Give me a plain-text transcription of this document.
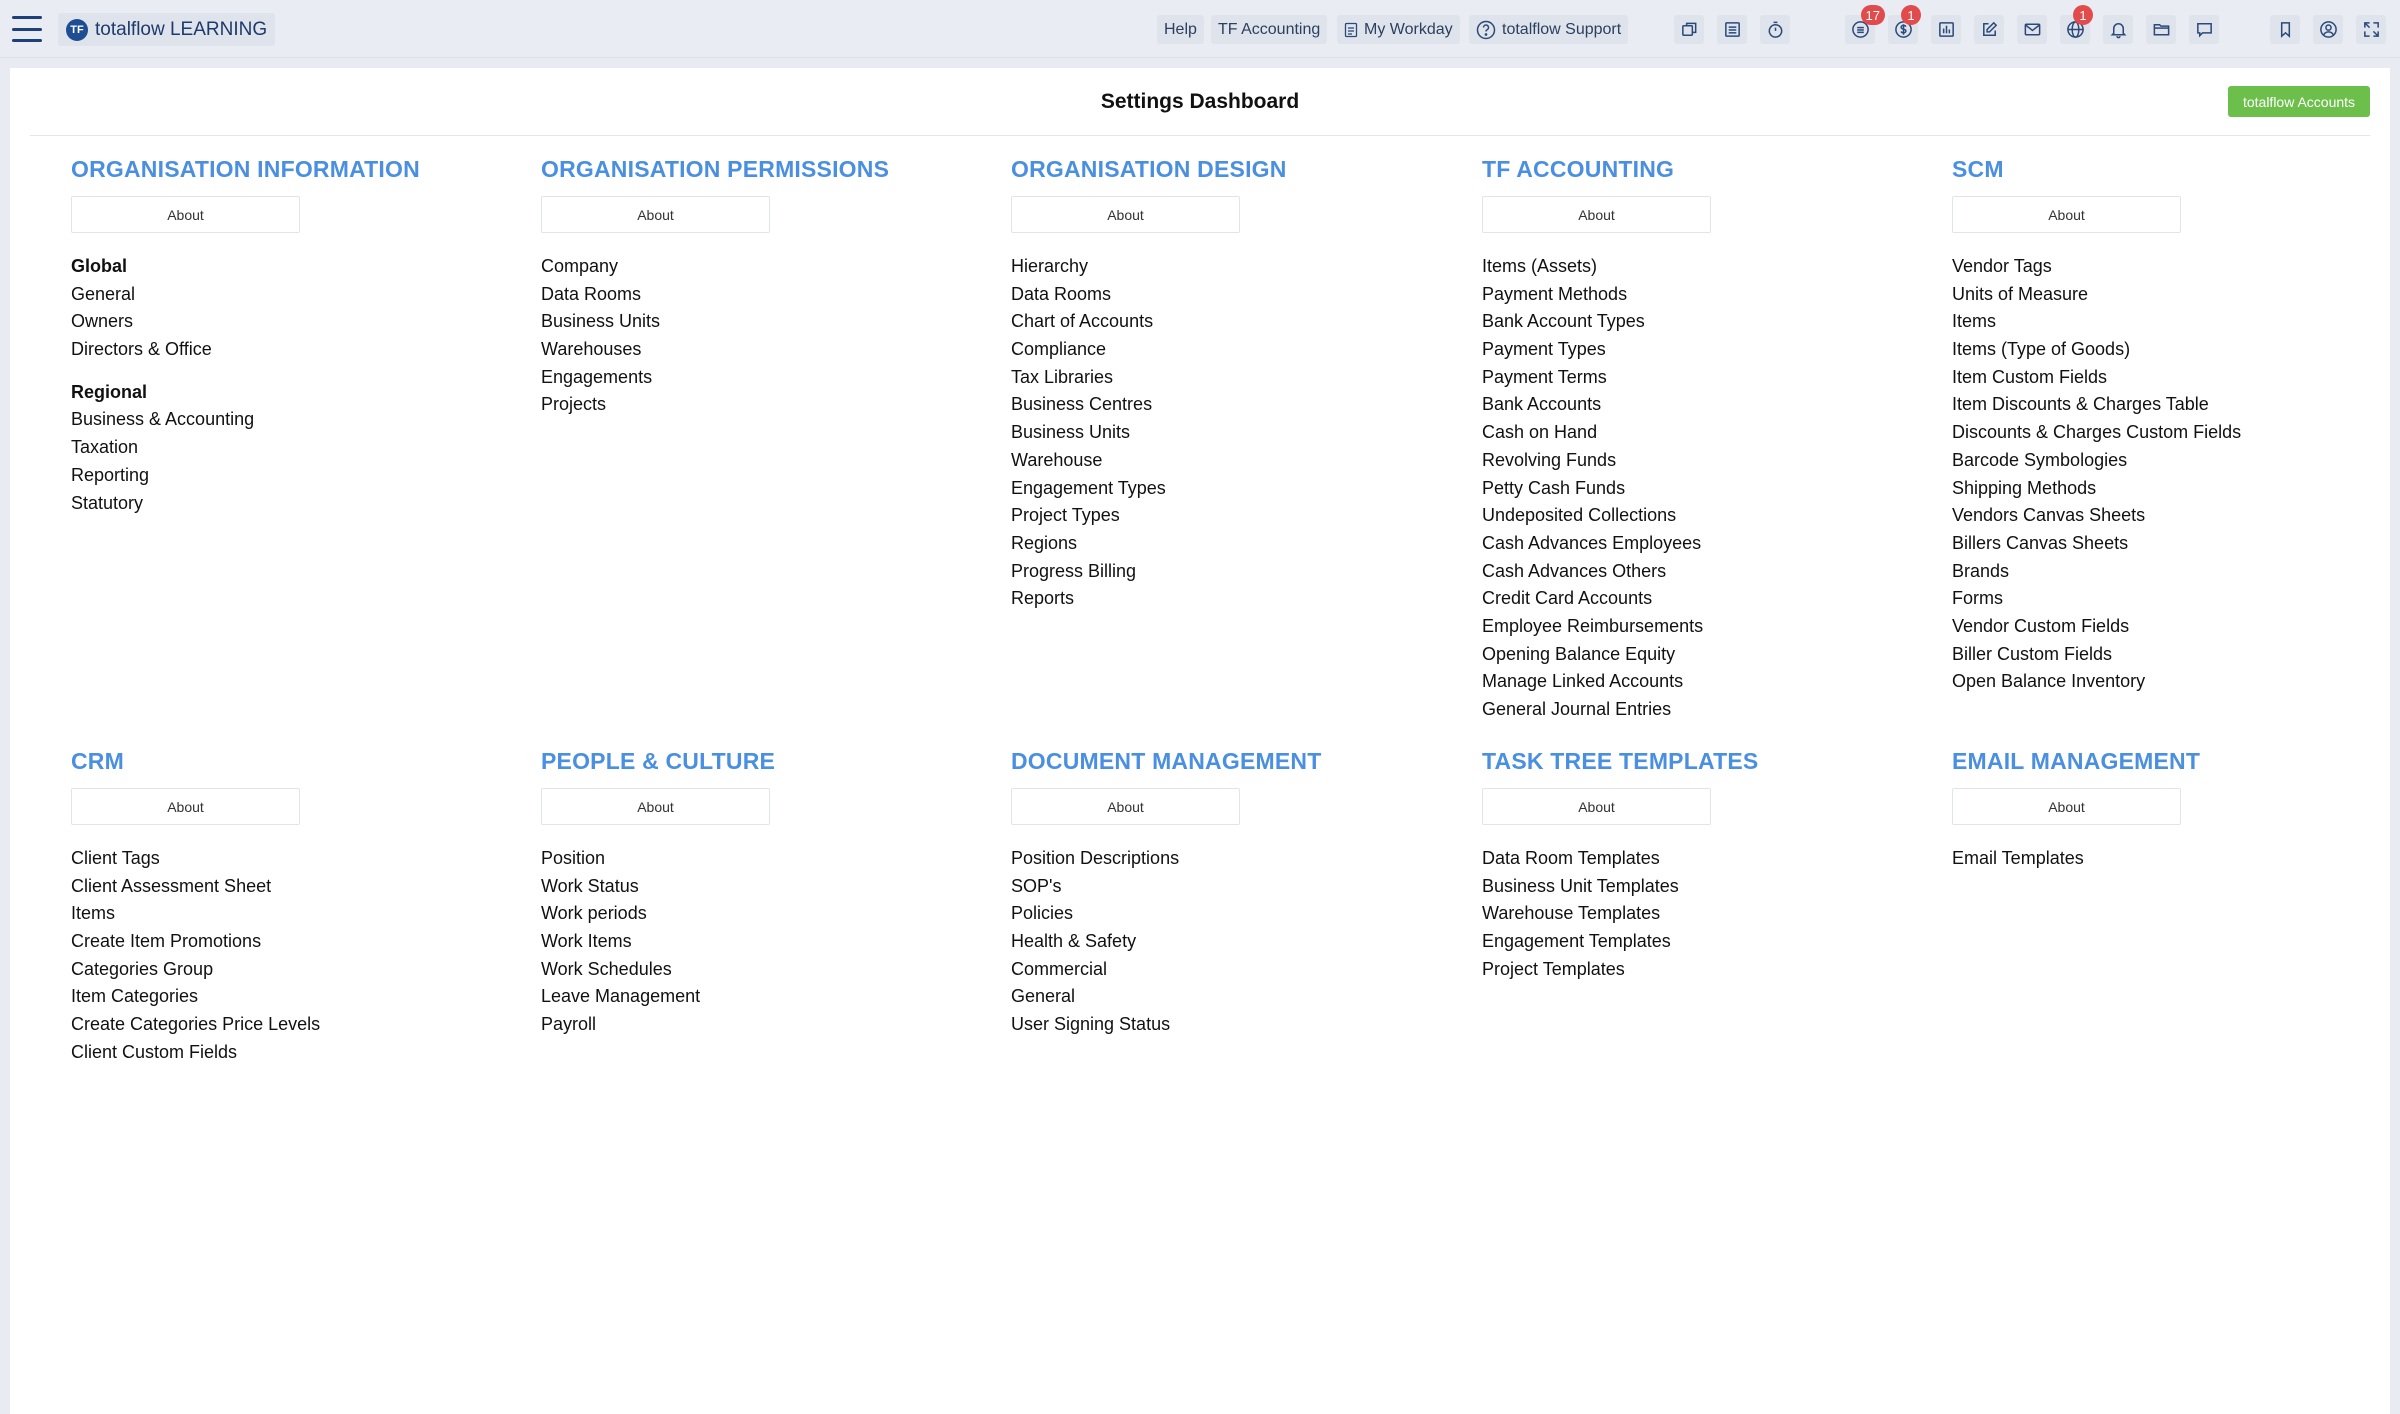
TF totalflow LEARNING	Help TF Accounting	My Workday	totalflow Support
17	1	1
Settings Dashboard	totalflow Accounts
ORGANISATION INFORMATION
About
Global
General
Owners
Directors & Office
Regional
Business & Accounting
Taxation
Reporting
Statutory
ORGANISATION PERMISSIONS
About
Company
Data Rooms
Business Units
Warehouses
Engagements
Projects
ORGANISATION DESIGN
About
Hierarchy
Data Rooms
Chart of Accounts
Compliance
Tax Libraries
Business Centres
Business Units
Warehouse
Engagement Types
Project Types
Regions
Progress Billing
Reports
TF ACCOUNTING
About
Items (Assets)
Payment Methods
Bank Account Types
Payment Types
Payment Terms
Bank Accounts
Cash on Hand
Revolving Funds
Petty Cash Funds
Undeposited Collections
Cash Advances Employees
Cash Advances Others
Credit Card Accounts
Employee Reimbursements
Opening Balance Equity
Manage Linked Accounts
General Journal Entries
SCM
About
Vendor Tags
Units of Measure
Items
Items (Type of Goods)
Item Custom Fields
Item Discounts & Charges Table
Discounts & Charges Custom Fields
Barcode Symbologies
Shipping Methods
Vendors Canvas Sheets
Billers Canvas Sheets
Brands
Forms
Vendor Custom Fields
Biller Custom Fields
Open Balance Inventory
CRM
About
Client Tags
Client Assessment Sheet
Items
Create Item Promotions
Categories Group
Item Categories
Create Categories Price Levels
Client Custom Fields
PEOPLE & CULTURE
About
Position
Work Status
Work periods
Work Items
Work Schedules
Leave Management
Payroll
DOCUMENT MANAGEMENT
About
Position Descriptions
SOP's
Policies
Health & Safety
Commercial
General
User Signing Status
TASK TREE TEMPLATES
About
Data Room Templates
Business Unit Templates
Warehouse Templates
Engagement Templates
Project Templates
EMAIL MANAGEMENT
About
Email Templates
